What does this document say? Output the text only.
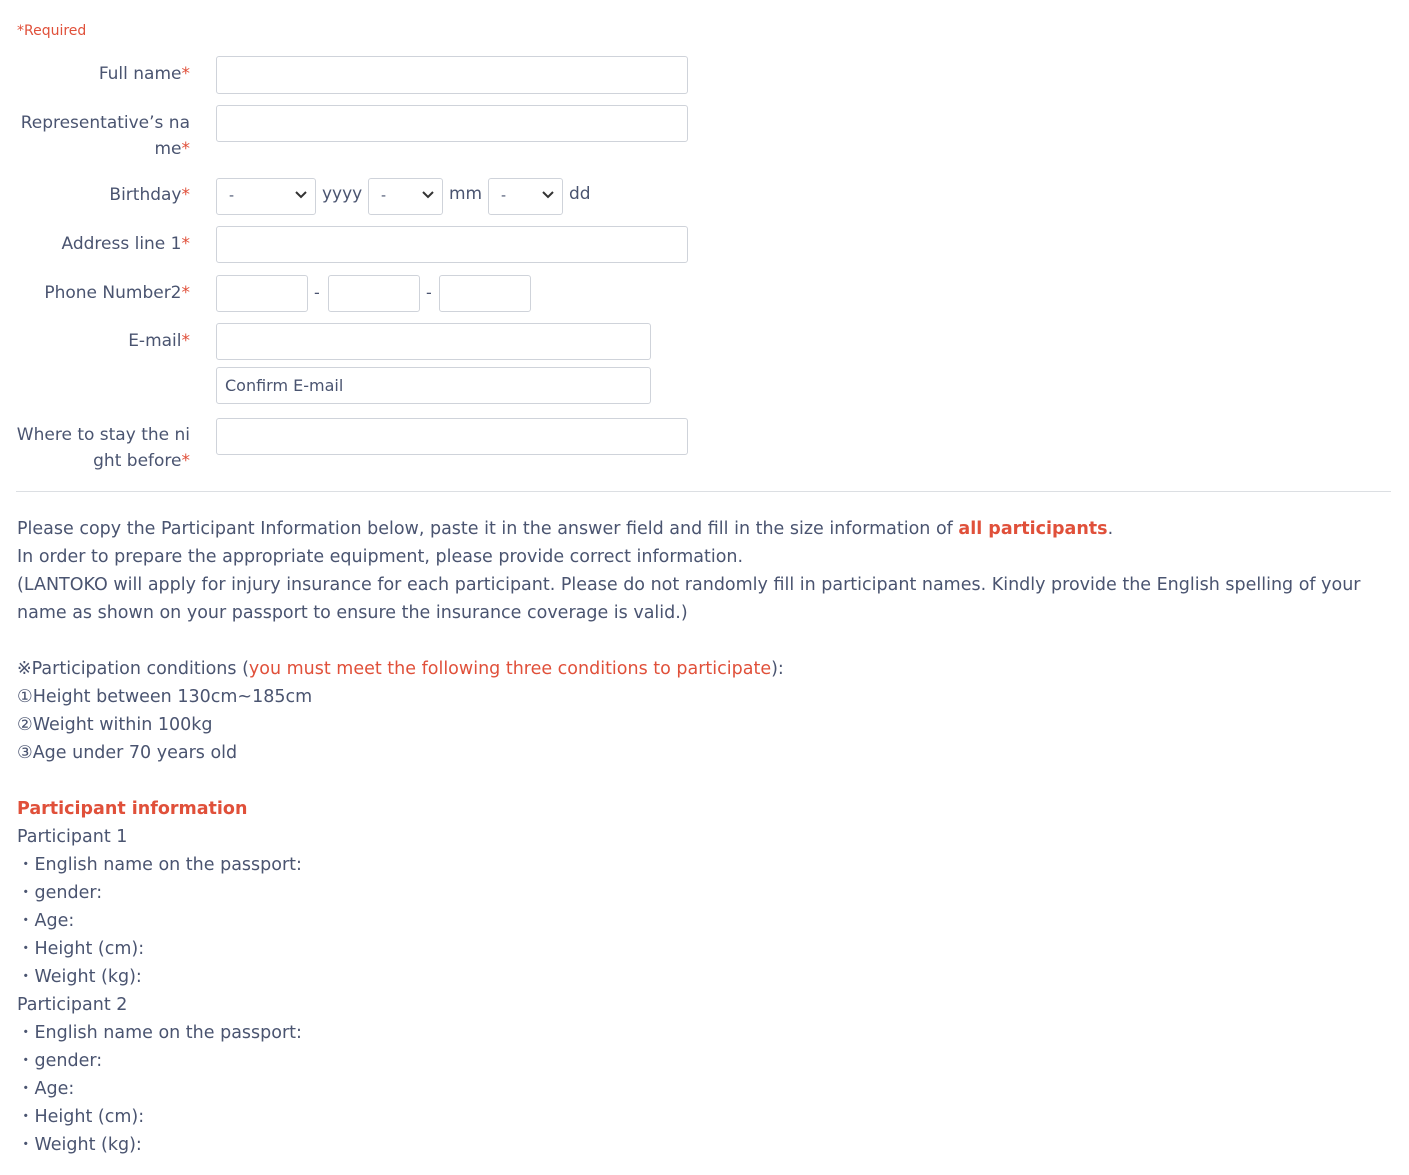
*Required
Full name*
Representative’s name*
Birthday*	-	yyyy -	mm -	dd
Address line 1*
Phone Number2*	-	-
E-mail*
Confirm E-mail
Where to stay the night before*

Please copy the Participant Information below, paste it in the answer field and fill in the size information of all participants.

In order to prepare the appropriate equipment, please provide correct information.

(LANTOKO will apply for injury insurance for each participant. Please do not randomly fill in participant names. Kindly provide the English spelling of your name as shown on your passport to ensure the insurance coverage is valid.)

※Participation conditions (you must meet the following three conditions to participate):

①Height between 130cm~185cm

②Weight within 100kg

③Age under 70 years old

Participant information

Participant 1

・English name on the passport:

・gender:

・Age:

・Height (cm):

・Weight (kg):

Participant 2

・English name on the passport:

・gender:

・Age:

・Height (cm):

・Weight (kg):
